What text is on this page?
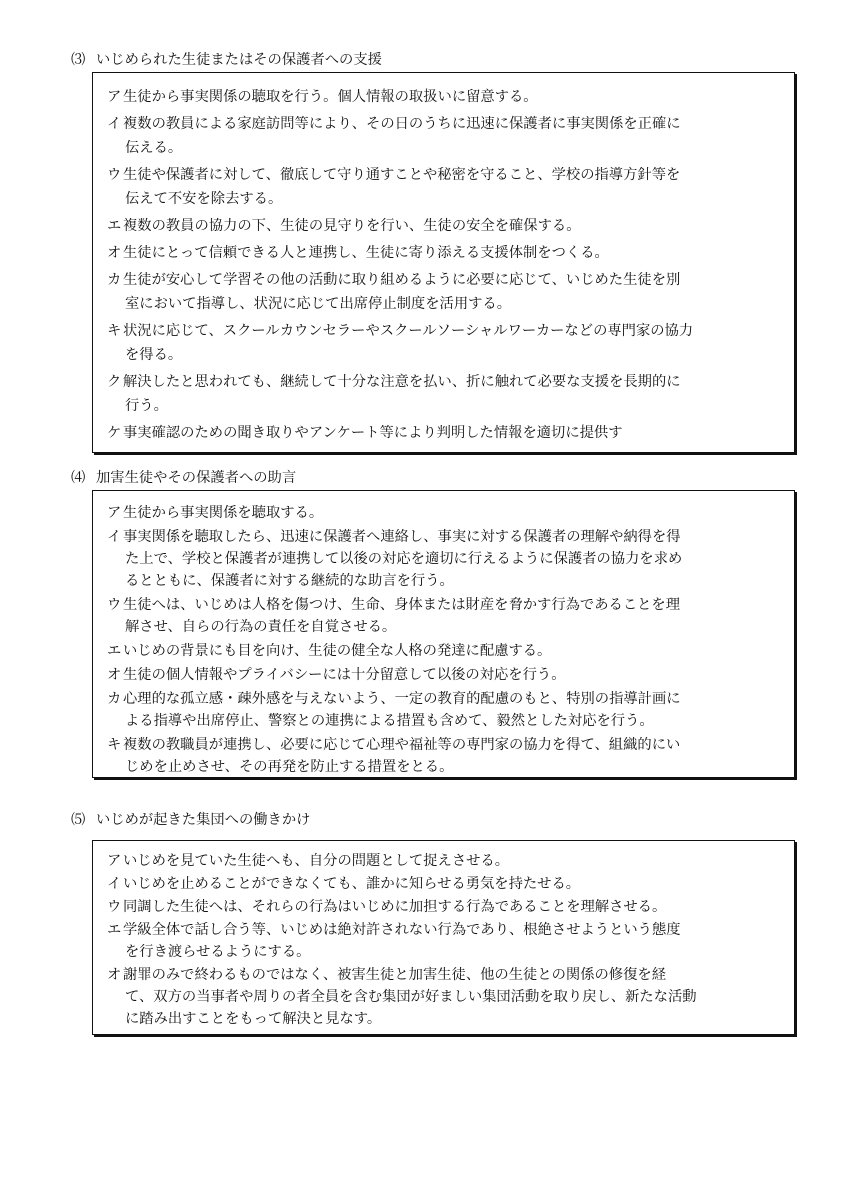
⑶ いじめられた生徒またはその保護者への支援
ア 生徒から事実関係の聴取を行う。個人情報の取扱いに留意する。
イ 複数の教員による家庭訪問等により、その日のうちに迅速に保護者に事実関係を正確に
伝える。
ウ 生徒や保護者に対して、徹底して守り通すことや秘密を守ること、学校の指導方針等を
伝えて不安を除去する。
エ 複数の教員の協力の下、生徒の見守りを行い、生徒の安全を確保する。
オ 生徒にとって信頼できる人と連携し、生徒に寄り添える支援体制をつくる。
カ 生徒が安心して学習その他の活動に取り組めるように必要に応じて、いじめた生徒を別
室において指導し、状況に応じて出席停止制度を活用する。
キ 状況に応じて、スクールカウンセラーやスクールソーシャルワーカーなどの専門家の協力
を得る。
ク 解決したと思われても、継続して十分な注意を払い、折に触れて必要な支援を長期的に
行う。
ケ 事実確認のための聞き取りやアンケート等により判明した情報を適切に提供す
⑷ 加害生徒やその保護者への助言
ア 生徒から事実関係を聴取する。
イ 事実関係を聴取したら、迅速に保護者へ連絡し、事実に対する保護者の理解や納得を得
た上で、学校と保護者が連携して以後の対応を適切に行えるように保護者の協力を求め
るとともに、保護者に対する継続的な助言を行う。
ウ 生徒へは、いじめは人格を傷つけ、生命、身体または財産を脅かす行為であることを理
解させ、自らの行為の責任を自覚させる。
エ いじめの背景にも目を向け、生徒の健全な人格の発達に配慮する。
オ 生徒の個人情報やプライバシーには十分留意して以後の対応を行う。
カ 心理的な孤立感・疎外感を与えないよう、一定の教育的配慮のもと、特別の指導計画に
よる指導や出席停止、警察との連携による措置も含めて、毅然とした対応を行う。
キ 複数の教職員が連携し、必要に応じて心理や福祉等の専門家の協力を得て、組織的にい
じめを止めさせ、その再発を防止する措置をとる。
⑸ いじめが起きた集団への働きかけ
ア いじめを見ていた生徒へも、自分の問題として捉えさせる。
イ いじめを止めることができなくても、誰かに知らせる勇気を持たせる。
ウ 同調した生徒へは、それらの行為はいじめに加担する行為であることを理解させる。
エ 学級全体で話し合う等、いじめは絶対許されない行為であり、根絶させようという態度
を行き渡らせるようにする。
オ 謝罪のみで終わるものではなく、被害生徒と加害生徒、他の生徒との関係の修復を経
て、双方の当事者や周りの者全員を含む集団が好ましい集団活動を取り戻し、新たな活動
に踏み出すことをもって解決と見なす。
